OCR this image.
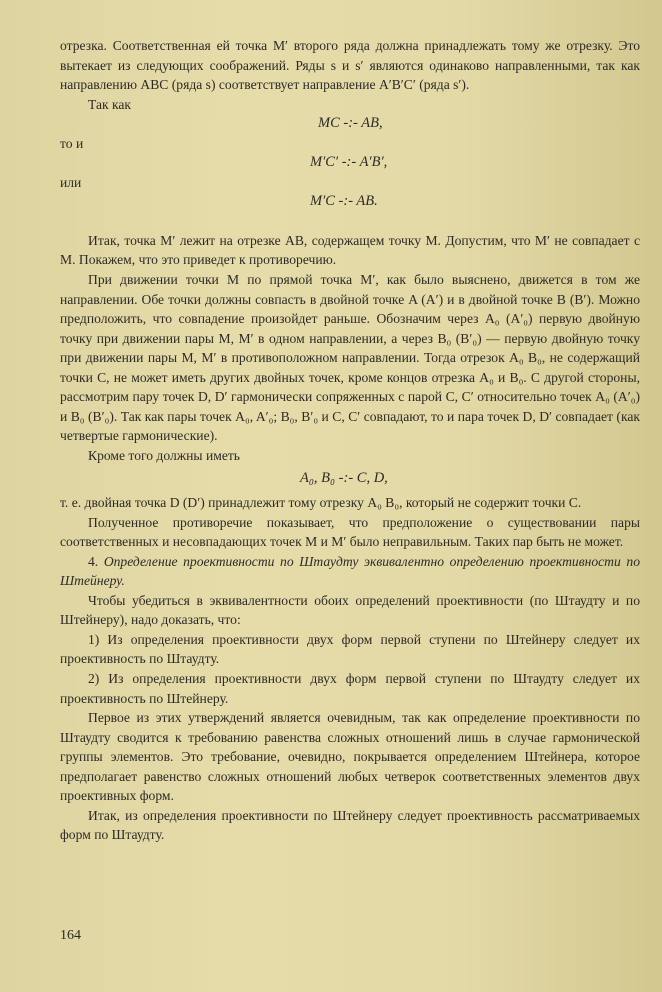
отрезка. Соответственная ей точка M′ второго ряда должна принадлежать тому же отрезку. Это вытекает из следующих соображений. Ряды s и s′ являются одинаково направленными, так как направлению ABC (ряда s) соответствует направление A′B′C′ (ряда s′).

Так как

MC -:- AB,

то и

M′C′ -:- A′B′,

или

M′C -:- AB.

Итак, точка M′ лежит на отрезке AB, содержащем точку M. Допустим, что M′ не совпадает с M. Покажем, что это приведет к противоречию.

При движении точки M по прямой точка M′, как было выяснено, движется в том же направлении. Обе точки должны совпасть в двойной точке A (A′) и в двойной точке B (B′). Можно предположить, что совпадение произойдет раньше. Обозначим через A₀ (A′₀) первую двойную точку при движении пары M, M′ в одном направлении, а через B₀ (B′₀) — первую двойную точку при движении пары M, M′ в противоположном направлении. Тогда отрезок A₀ B₀, не содержащий точки C, не может иметь других двойных точек, кроме концов отрезка A₀ и B₀. С другой стороны, рассмотрим пару точек D, D′ гармонически сопряженных с парой C, C′ относительно точек A₀ (A′₀) и B₀ (B′₀). Так как пары точек A₀, A′₀; B₀, B′₀ и C, C′ совпадают, то и пара точек D, D′ совпадает (как четвертые гармонические).

Кроме того должны иметь

A₀, B₀ -:- C, D,

т. е. двойная точка D (D′) принадлежит тому отрезку A₀ B₀, который не содержит точки C.

Полученное противоречие показывает, что предположение о существовании пары соответственных и несовпадающих точек M и M′ было неправильным. Таких пар быть не может.

4. Определение проективности по Штаудту эквивалентно определению проективности по Штейнеру.

Чтобы убедиться в эквивалентности обоих определений проективности (по Штаудту и по Штейнеру), надо доказать, что:

1) Из определения проективности двух форм первой ступени по Штейнеру следует их проективность по Штаудту.

2) Из определения проективности двух форм первой ступени по Штаудту следует их проективность по Штейнеру.

Первое из этих утверждений является очевидным, так как определение проективности по Штаудту сводится к требованию равенства сложных отношений лишь в случае гармонической группы элементов. Это требование, очевидно, покрывается определением Штейнера, которое предполагает равенство сложных отношений любых четверок соответственных элементов двух проективных форм.

Итак, из определения проективности по Штейнеру следует проективность рассматриваемых форм по Штаудту.

164
